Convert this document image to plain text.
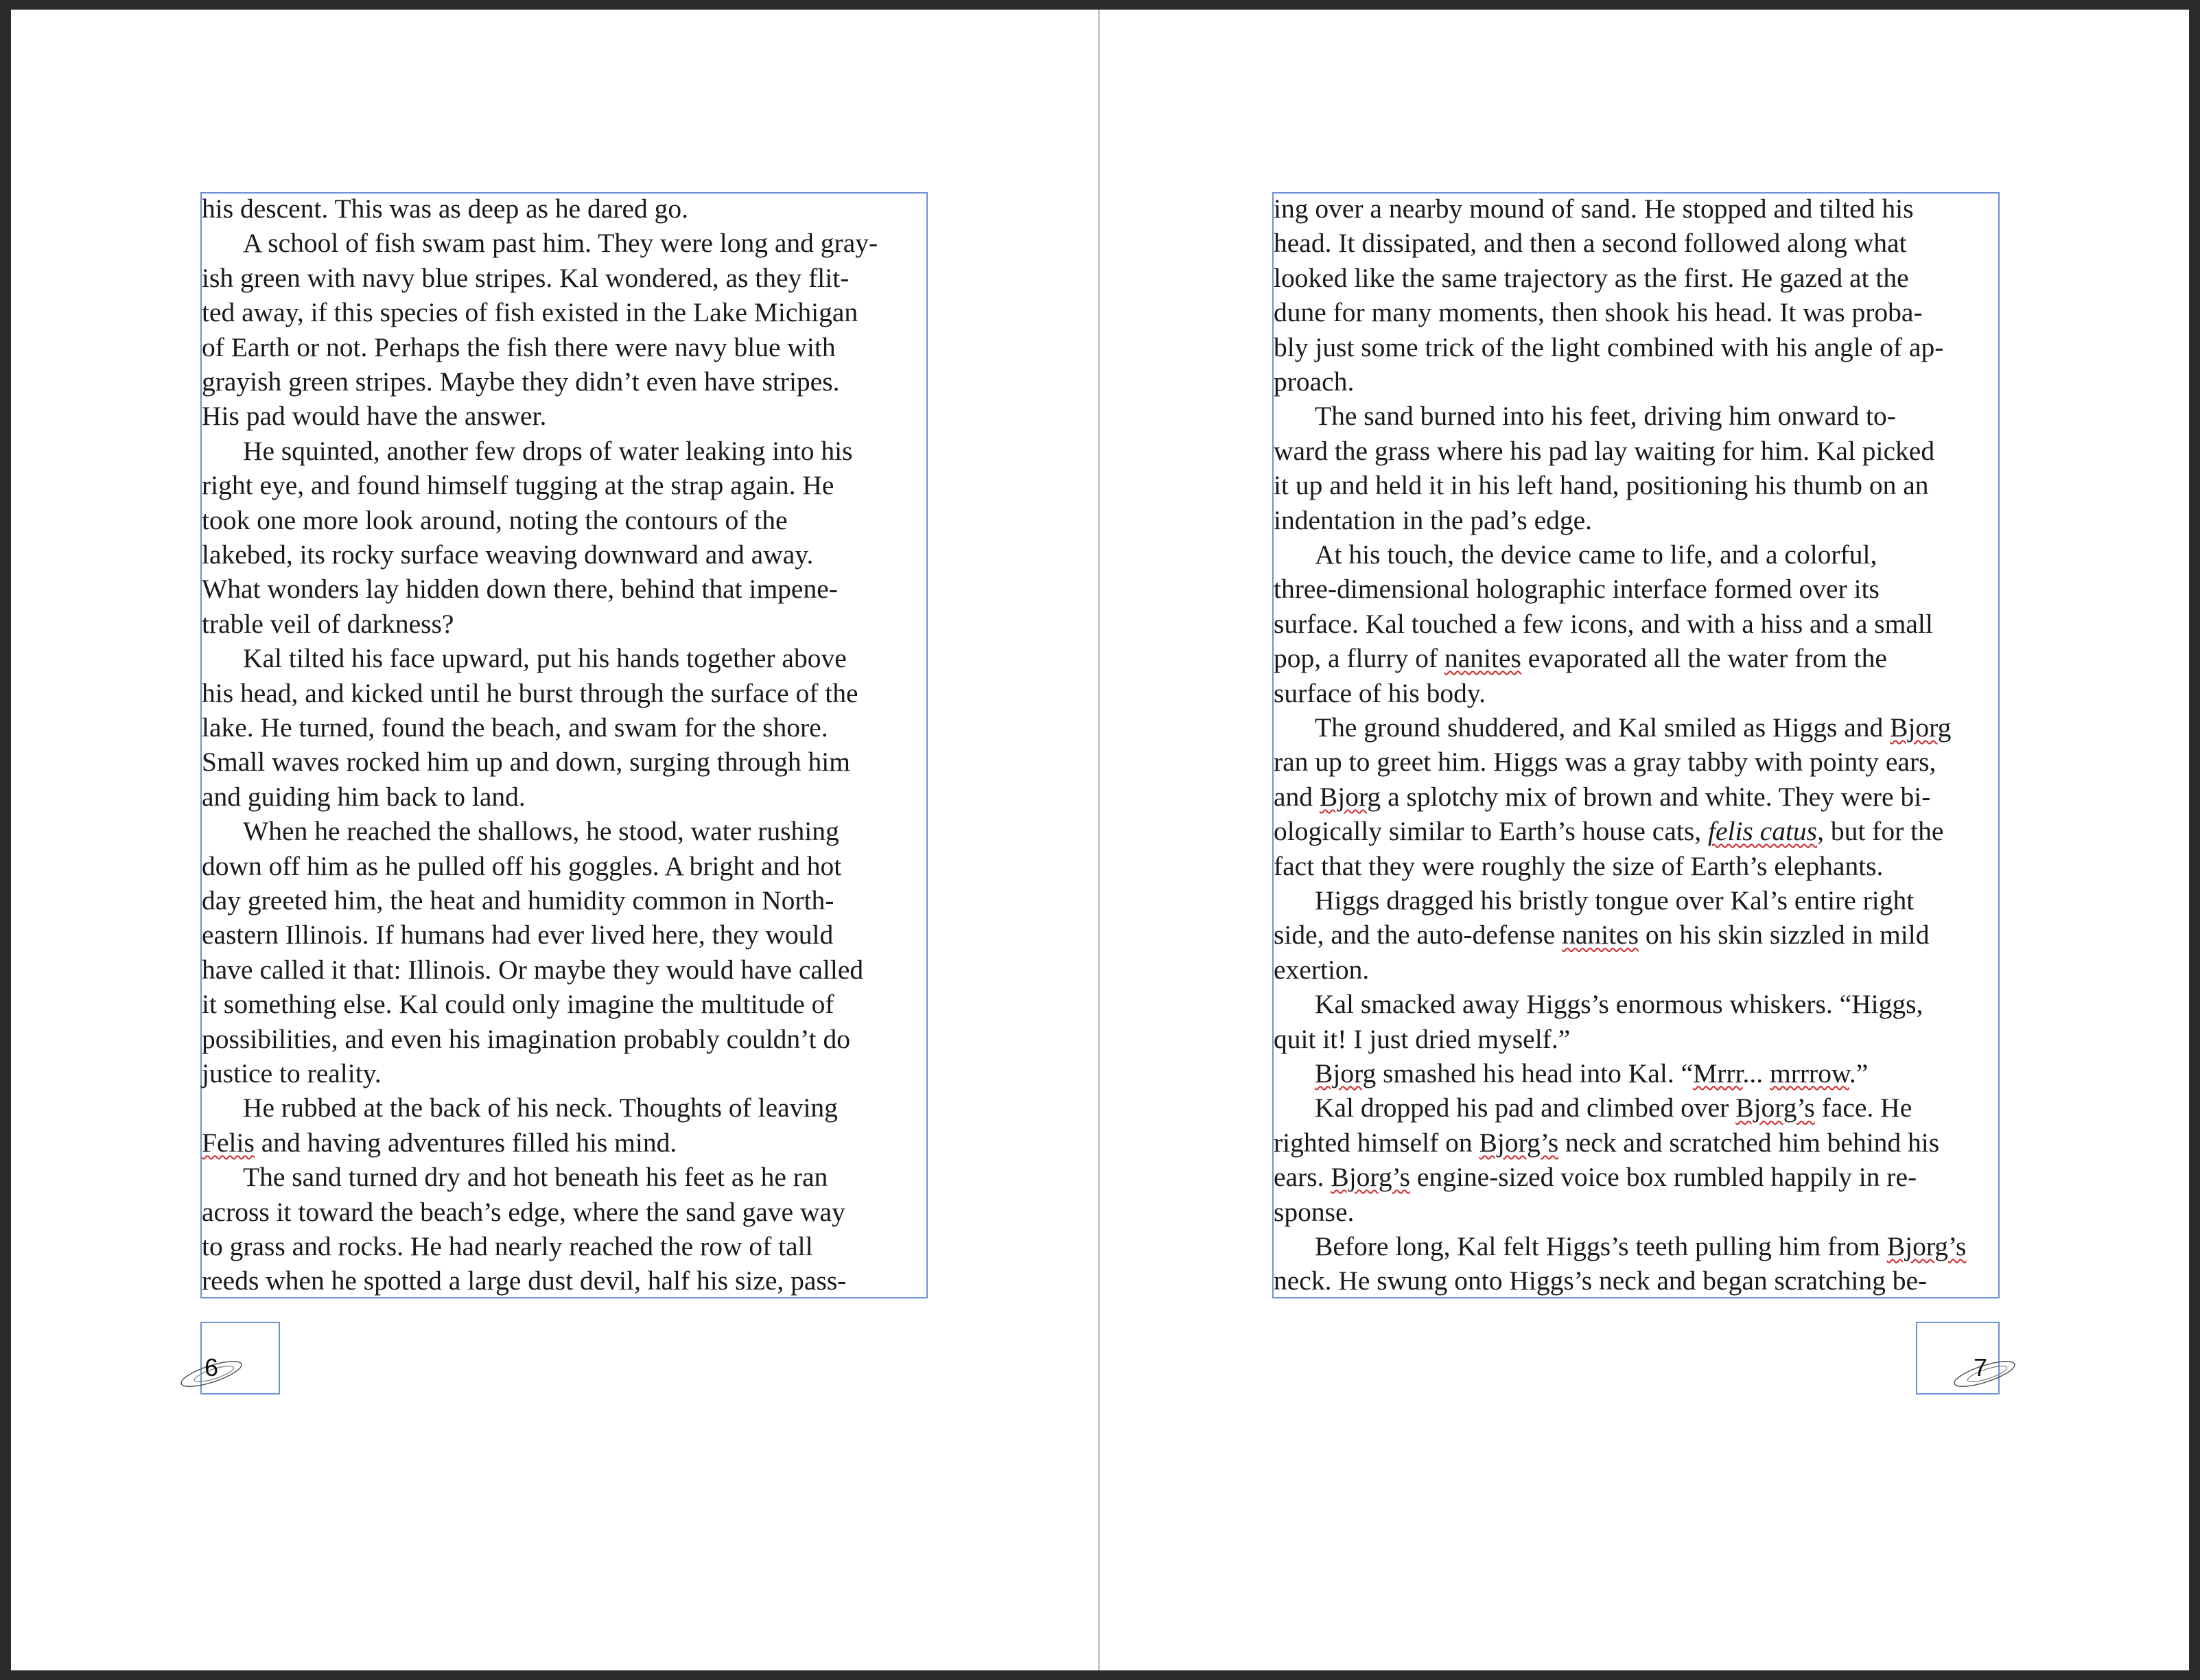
his descent. This was as deep as he dared go.
A school of fish swam past him. They were long and gray-
ish green with navy blue stripes. Kal wondered, as they flit-
ted away, if this species of fish existed in the Lake Michigan
of Earth or not. Perhaps the fish there were navy blue with
grayish green stripes. Maybe they didn’t even have stripes.
His pad would have the answer.
He squinted, another few drops of water leaking into his
right eye, and found himself tugging at the strap again. He
took one more look around, noting the contours of the
lakebed, its rocky surface weaving downward and away.
What wonders lay hidden down there, behind that impene-
trable veil of darkness?
Kal tilted his face upward, put his hands together above
his head, and kicked until he burst through the surface of the
lake. He turned, found the beach, and swam for the shore.
Small waves rocked him up and down, surging through him
and guiding him back to land.
When he reached the shallows, he stood, water rushing
down off him as he pulled off his goggles. A bright and hot
day greeted him, the heat and humidity common in North-
eastern Illinois. If humans had ever lived here, they would
have called it that: Illinois. Or maybe they would have called
it something else. Kal could only imagine the multitude of
possibilities, and even his imagination probably couldn’t do
justice to reality.
He rubbed at the back of his neck. Thoughts of leaving
Felis and having adventures filled his mind.
The sand turned dry and hot beneath his feet as he ran
across it toward the beach’s edge, where the sand gave way
to grass and rocks. He had nearly reached the row of tall
reeds when he spotted a large dust devil, half his size, pass-
ing over a nearby mound of sand. He stopped and tilted his
head. It dissipated, and then a second followed along what
looked like the same trajectory as the first. He gazed at the
dune for many moments, then shook his head. It was proba-
bly just some trick of the light combined with his angle of ap-
proach.
The sand burned into his feet, driving him onward to-
ward the grass where his pad lay waiting for him. Kal picked
it up and held it in his left hand, positioning his thumb on an
indentation in the pad’s edge.
At his touch, the device came to life, and a colorful,
three-dimensional holographic interface formed over its
surface. Kal touched a few icons, and with a hiss and a small
pop, a flurry of nanites evaporated all the water from the
surface of his body.
The ground shuddered, and Kal smiled as Higgs and Bjorg
ran up to greet him. Higgs was a gray tabby with pointy ears,
and Bjorg a splotchy mix of brown and white. They were bi-
ologically similar to Earth’s house cats, felis catus, but for the
fact that they were roughly the size of Earth’s elephants.
Higgs dragged his bristly tongue over Kal’s entire right
side, and the auto-defense nanites on his skin sizzled in mild
exertion.
Kal smacked away Higgs’s enormous whiskers. “Higgs,
quit it! I just dried myself.”
Bjorg smashed his head into Kal. “Mrrr... mrrrow.”
Kal dropped his pad and climbed over Bjorg’s face. He
righted himself on Bjorg’s neck and scratched him behind his
ears. Bjorg’s engine-sized voice box rumbled happily in re-
sponse.
Before long, Kal felt Higgs’s teeth pulling him from Bjorg’s
neck. He swung onto Higgs’s neck and began scratching be-
6	7
